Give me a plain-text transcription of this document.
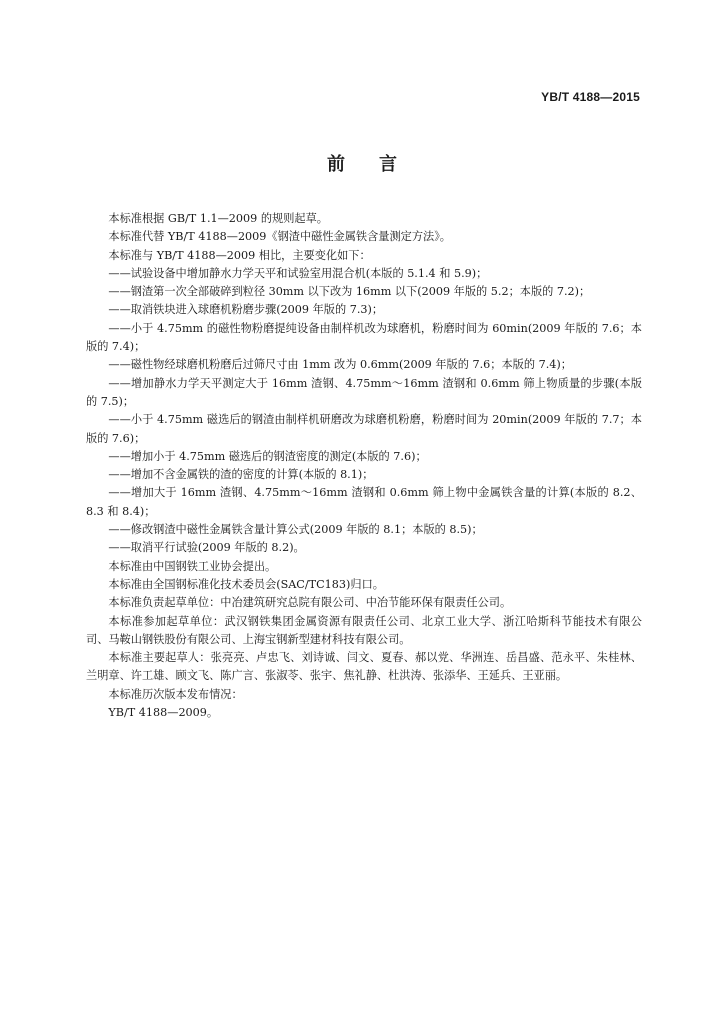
YB/T 4188—2015
前言

本标准根据 GB/T 1.1—2009 的规则起草。

本标准代替 YB/T 4188—2009《钢渣中磁性金属铁含量测定方法》。

本标准与 YB/T 4188—2009 相比，主要变化如下：

——试验设备中增加静水力学天平和试验室用混合机(本版的 5.1.4 和 5.9)；

——钢渣第一次全部破碎到粒径 30mm 以下改为 16mm 以下(2009 年版的 5.2；本版的 7.2)；

——取消铁块进入球磨机粉磨步骤(2009 年版的 7.3)；

——小于 4.75mm 的磁性物粉磨提纯设备由制样机改为球磨机，粉磨时间为 60min(2009 年版的 7.6；本版的 7.4)；

——磁性物经球磨机粉磨后过筛尺寸由 1mm 改为 0.6mm(2009 年版的 7.6；本版的 7.4)；

——增加静水力学天平测定大于 16mm 渣钢、4.75mm～16mm 渣钢和 0.6mm 筛上物质量的步骤(本版的 7.5)；

——小于 4.75mm 磁选后的钢渣由制样机研磨改为球磨机粉磨，粉磨时间为 20min(2009 年版的 7.7；本版的 7.6)；

——增加小于 4.75mm 磁选后的钢渣密度的测定(本版的 7.6)；

——增加不含金属铁的渣的密度的计算(本版的 8.1)；

——增加大于 16mm 渣钢、4.75mm～16mm 渣钢和 0.6mm 筛上物中金属铁含量的计算(本版的 8.2、8.3 和 8.4)；

——修改钢渣中磁性金属铁含量计算公式(2009 年版的 8.1；本版的 8.5)；

——取消平行试验(2009 年版的 8.2)。

本标准由中国钢铁工业协会提出。

本标准由全国钢标准化技术委员会(SAC/TC183)归口。

本标准负责起草单位：中冶建筑研究总院有限公司、中冶节能环保有限责任公司。

本标准参加起草单位：武汉钢铁集团金属资源有限责任公司、北京工业大学、浙江哈斯科节能技术有限公司、马鞍山钢铁股份有限公司、上海宝钢新型建材科技有限公司。

本标准主要起草人：张亮亮、卢忠飞、刘诗诚、闫文、夏春、郝以党、华洲连、岳昌盛、范永平、朱桂林、兰明章、许工雄、顾文飞、陈广言、张淑苓、张宇、焦礼静、杜洪涛、张添华、王延兵、王亚丽。

本标准历次版本发布情况：

YB/T 4188—2009。
